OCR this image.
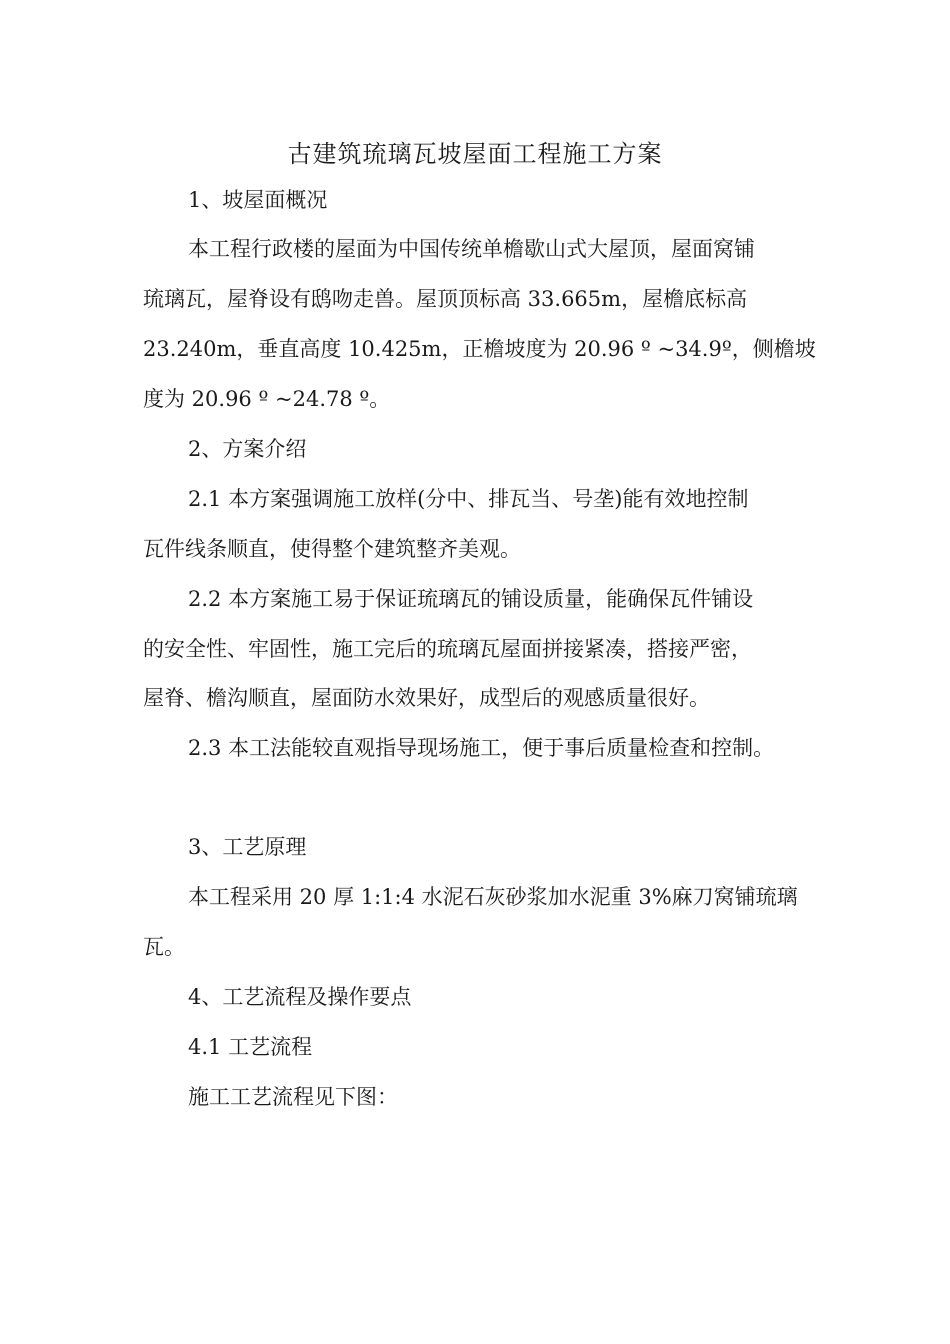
古建筑琉璃瓦坡屋面工程施工方案
1、坡屋面概况
本工程行政楼的屋面为中国传统单檐歇山式大屋顶，屋面窝铺
琉璃瓦，屋脊设有鸱吻走兽。屋顶顶标高 33.665m，屋檐底标高
23.240m，垂直高度 10.425m，正檐坡度为 20.96 º ~34.9º，侧檐坡
度为 20.96 º ~24.78 º。
2、方案介绍
2.1 本方案强调施工放样(分中、排瓦当、号垄)能有效地控制
瓦件线条顺直，使得整个建筑整齐美观。
2.2 本方案施工易于保证琉璃瓦的铺设质量，能确保瓦件铺设
的安全性、牢固性，施工完后的琉璃瓦屋面拼接紧凑，搭接严密，
屋脊、檐沟顺直，屋面防水效果好，成型后的观感质量很好。
2.3 本工法能较直观指导现场施工，便于事后质量检查和控制。
3、工艺原理
本工程采用 20 厚 1:1:4 水泥石灰砂浆加水泥重 3%麻刀窝铺琉璃
瓦。
4、工艺流程及操作要点
4.1 工艺流程
施工工艺流程见下图：
